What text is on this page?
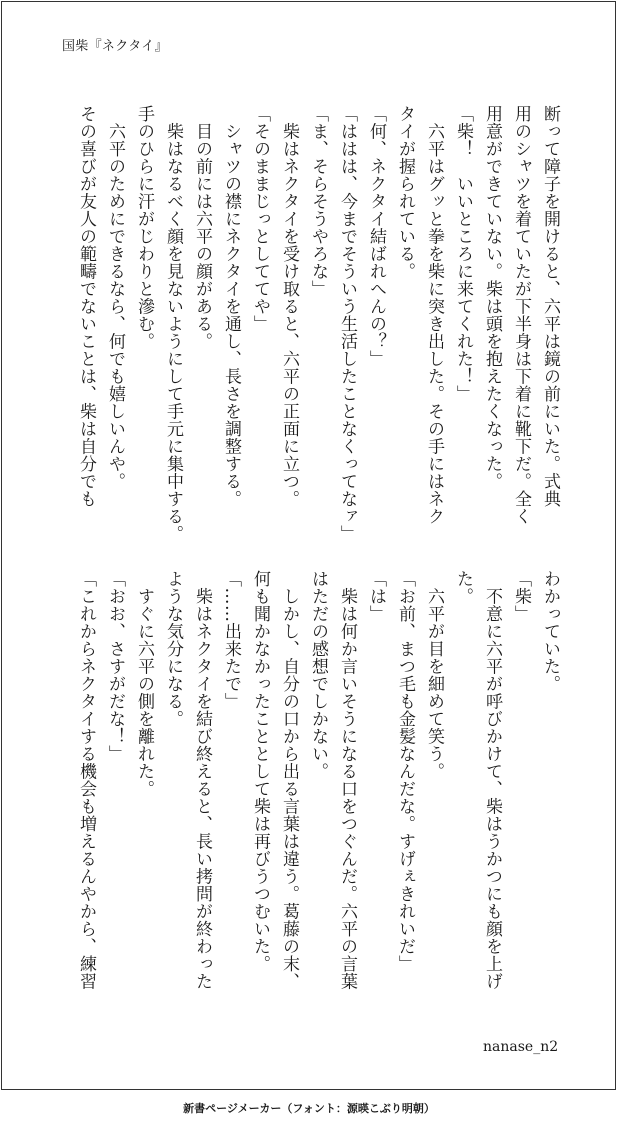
国柴『ネクタイ』
断って障子を開けると、六平は鏡の前にいた。式典
用のシャツを着ていたが下半身は下着に靴下だ。全く
用意ができていない。柴は頭を抱えたくなった。
「柴！　いいところに来てくれた！」
　六平はグッと拳を柴に突き出した。その手にはネク
タイが握られている。
「何、ネクタイ結ばれへんの？」
「ははは、今までそういう生活したことなくってなァ」
「ま、そらそうやろな」
　柴はネクタイを受け取ると、六平の正面に立つ。
「そのままじっとしててや」
　シャツの襟にネクタイを通し、長さを調整する。
　目の前には六平の顔がある。
　柴はなるべく顔を見ないようにして手元に集中する。
手のひらに汗がじわりと滲む。
　六平のためにできるなら、何でも嬉しいんや。
その喜びが友人の範疇でないことは、柴は自分でも
わかっていた。
「柴」
　不意に六平が呼びかけて、柴はうかつにも顔を上げ
た。
　六平が目を細めて笑う。
「お前、まつ毛も金髪なんだな。すげぇきれいだ」
「は」
　柴は何か言いそうになる口をつぐんだ。六平の言葉
はただの感想でしかない。
　しかし、自分の口から出る言葉は違う。葛藤の末、
何も聞かなかったこととして柴は再びうつむいた。
「……出来たで」
　柴はネクタイを結び終えると、長い拷問が終わった
ような気分になる。
　すぐに六平の側を離れた。
「おお、さすがだな！」
「これからネクタイする機会も増えるんやから、練習
nanase_n2
新書ページメーカー（フォント：源暎こぶり明朝）
